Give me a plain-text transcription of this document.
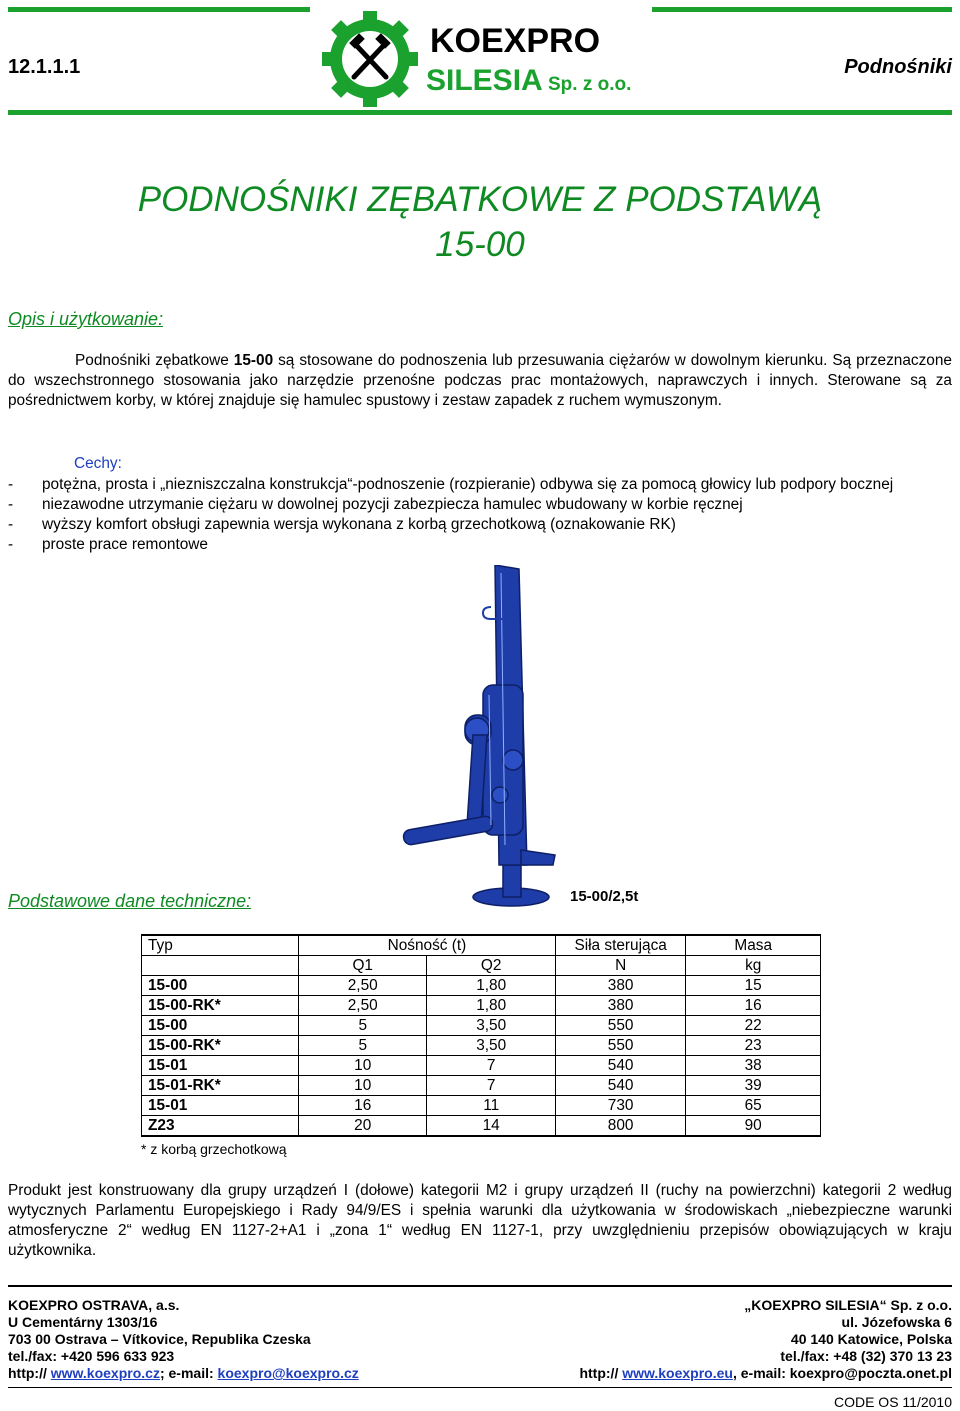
12.1.1.1	Podnośniki
KOEXPRO
SILESIA Sp. z o.o.
PODNOŚNIKI ZĘBATKOWE Z PODSTAWĄ
15-00
Opis i użytkowanie:
Podnośniki zębatkowe 15-00 są stosowane do podnoszenia lub przesuwania ciężarów w dowolnym kierunku. Są przeznaczone do wszechstronnego stosowania jako narzędzie przenośne podczas prac montażowych, naprawczych i innych. Sterowane są za pośrednictwem korby, w której znajduje się hamulec spustowy i zestaw zapadek z ruchem wymuszonym.
Cechy:
-	potężna, prosta i „niezniszczalna konstrukcja“-podnoszenie (rozpieranie) odbywa się za pomocą głowicy lub podpory bocznej
-	niezawodne utrzymanie ciężaru w dowolnej pozycji zabezpiecza hamulec wbudowany w korbie ręcznej
-	wyższy komfort obsługi zapewnia wersja wykonana z korbą grzechotkową (oznakowanie RK)
-	proste prace remontowe
15-00/2,5t
Podstawowe dane techniczne:
Typ	Nośność (t)		Siła sterująca	Masa
	Q1	Q2	N	kg
15-00	2,50	1,80	380	15
15-00-RK*	2,50	1,80	380	16
15-00	5	3,50	550	22
15-00-RK*	5	3,50	550	23
15-01	10	7	540	38
15-01-RK*	10	7	540	39
15-01	16	11	730	65
Z23	20	14	800	90
* z korbą grzechotkową
Produkt jest konstruowany dla grupy urządzeń I (dołowe) kategorii M2 i grupy urządzeń II (ruchy na powierzchni) kategorii 2 według wytycznych Parlamentu Europejskiego i Rady 94/9/ES i spełnia warunki dla użytkowania w środowiskach „niebezpieczne warunki atmosferyczne 2“ według EN 1127-2+A1 i „zona 1“ według EN 1127-1, przy uwzględnieniu przepisów obowiązujących w kraju użytkownika.
KOEXPRO OSTRAVA, a.s.
U Cementárny 1303/16
703 00 Ostrava – Vítkovice, Republika Czeska
tel./fax: +420 596 633 923
http:// www.koexpro.cz; e-mail: koexpro@koexpro.cz
„KOEXPRO SILESIA“ Sp. z o.o.
ul. Józefowska 6
40 140 Katowice, Polska
tel./fax: +48 (32) 370 13 23
http:// www.koexpro.eu, e-mail: koexpro@poczta.onet.pl
CODE OS 11/2010
